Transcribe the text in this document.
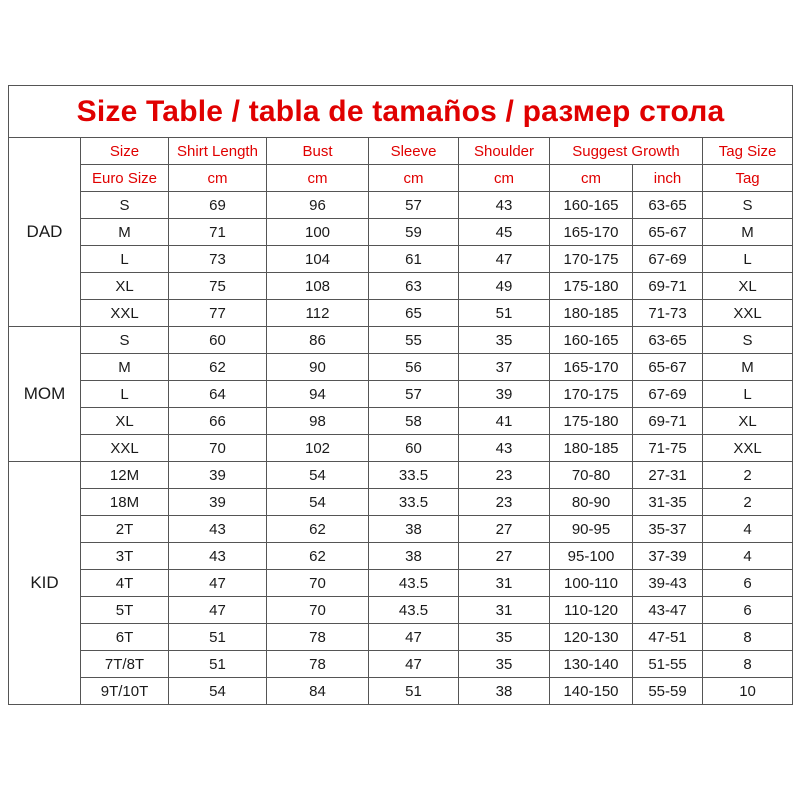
Size Table / tabla de tamaños / размер стола								
DAD	Size	Shirt Length	Bust	Sleeve	Shoulder	Suggest Growth		Tag Size
	Euro Size	cm	cm	cm	cm	cm	inch	Tag
	S	69	96	57	43	160-165	63-65	S
	M	71	100	59	45	165-170	65-67	M
	L	73	104	61	47	170-175	67-69	L
	XL	75	108	63	49	175-180	69-71	XL
	XXL	77	112	65	51	180-185	71-73	XXL
MOM	S	60	86	55	35	160-165	63-65	S
	M	62	90	56	37	165-170	65-67	M
	L	64	94	57	39	170-175	67-69	L
	XL	66	98	58	41	175-180	69-71	XL
	XXL	70	102	60	43	180-185	71-75	XXL
KID	12M	39	54	33.5	23	70-80	27-31	2
	18M	39	54	33.5	23	80-90	31-35	2
	2T	43	62	38	27	90-95	35-37	4
	3T	43	62	38	27	95-100	37-39	4
	4T	47	70	43.5	31	100-110	39-43	6
	5T	47	70	43.5	31	110-120	43-47	6
	6T	51	78	47	35	120-130	47-51	8
	7T/8T	51	78	47	35	130-140	51-55	8
	9T/10T	54	84	51	38	140-150	55-59	10
